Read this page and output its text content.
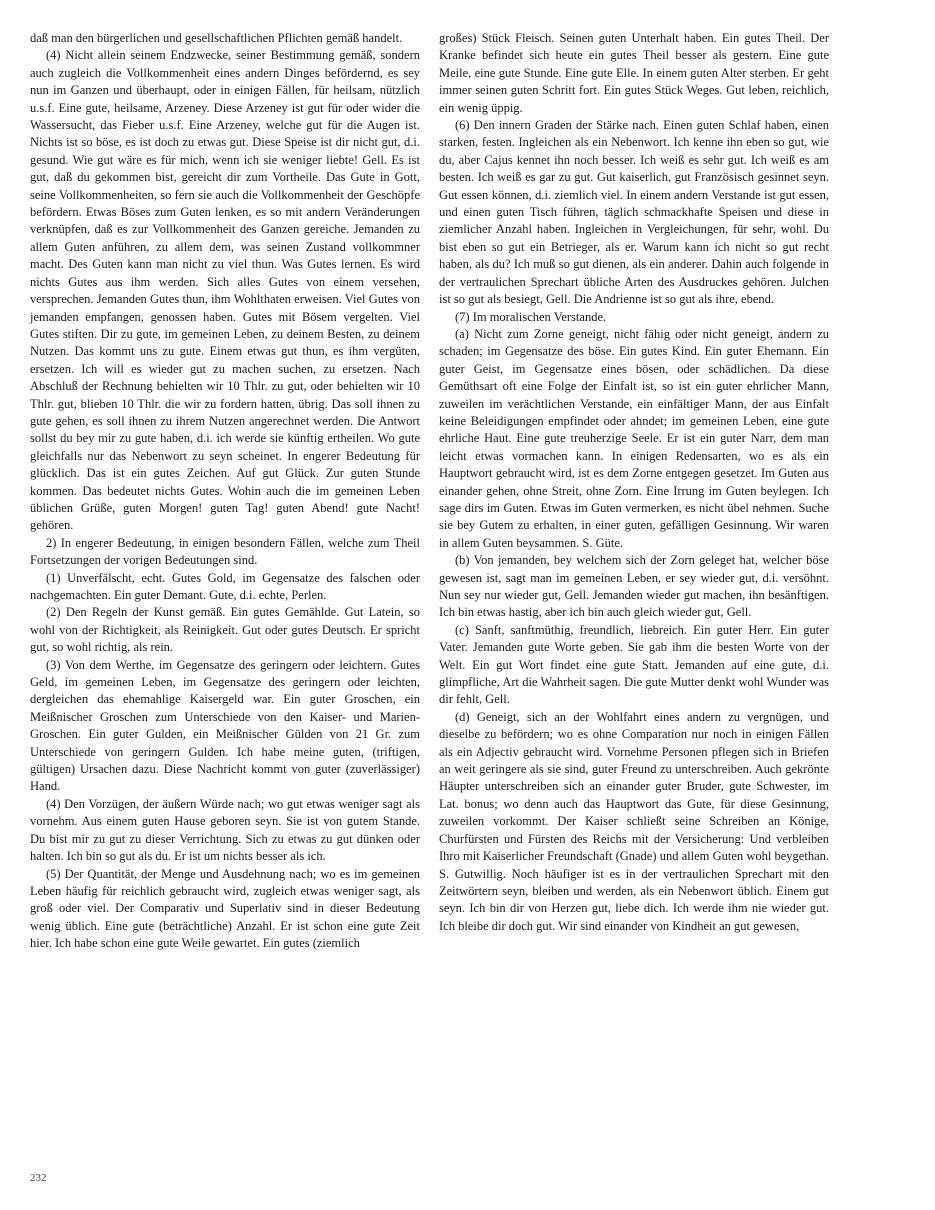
daß man den bürgerlichen und gesellschaftlichen Pflichten gemäß handelt.

(4) Nicht allein seinem Endzwecke, seiner Bestimmung gemäß, sondern auch zugleich die Vollkommenheit eines andern Dinges befördernd, es sey nun im Ganzen und überhaupt, oder in einigen Fällen, für heilsam, nützlich u.s.f. Eine gute, heilsame, Arzeney. Diese Arzeney ist gut für oder wider die Wassersucht, das Fieber u.s.f. Eine Arzeney, welche gut für die Augen ist. Nichts ist so böse, es ist doch zu etwas gut. Diese Speise ist dir nicht gut, d.i. gesund. Wie gut wäre es für mich, wenn ich sie weniger liebte! Gell. Es ist gut, daß du gekommen bist, gereicht dir zum Vortheile. Das Gute in Gott, seine Vollkommenheiten, so fern sie auch die Vollkommenheit der Geschöpfe befördern. Etwas Böses zum Guten lenken, es so mit andern Veränderungen verknüpfen, daß es zur Vollkommenheit des Ganzen gereiche. Jemanden zu allem Guten anführen, zu allem dem, was seinen Zustand vollkommner macht. Des Guten kann man nicht zu viel thun. Was Gutes lernen. Es wird nichts Gutes aus ihm werden. Sich alles Gutes von einem versehen, versprechen. Jemanden Gutes thun, ihm Wohlthaten erweisen. Viel Gutes von jemanden empfangen, genossen haben. Gutes mit Bösem vergelten. Viel Gutes stiften. Dir zu gute, im gemeinen Leben, zu deinem Besten, zu deinem Nutzen. Das kommt uns zu gute. Einem etwas gut thun, es ihm vergüten, ersetzen. Ich will es wieder gut zu machen suchen, zu ersetzen. Nach Abschluß der Rechnung behielten wir 10 Thlr. zu gut, oder behielten wir 10 Thlr. gut, blieben 10 Thlr. die wir zu fordern hatten, übrig. Das soll ihnen zu gute gehen, es soll ihnen zu ihrem Nutzen angerechnet werden. Die Antwort sollst du bey mir zu gute haben, d.i. ich werde sie künftig ertheilen. Wo gute gleichfalls nur das Nebenwort zu seyn scheinet. In engerer Bedeutung für glücklich. Das ist ein gutes Zeichen. Auf gut Glück. Zur guten Stunde kommen. Das bedeutet nichts Gutes. Wohin auch die im gemeinen Leben üblichen Grüße, guten Morgen! guten Tag! guten Abend! gute Nacht! gehören.

2) In engerer Bedeutung, in einigen besondern Fällen, welche zum Theil Fortsetzungen der vorigen Bedeutungen sind.

(1) Unverfälscht, echt. Gutes Gold, im Gegensatze des falschen oder nachgemachten. Ein guter Demant. Gute, d.i. echte, Perlen.

(2) Den Regeln der Kunst gemäß. Ein gutes Gemählde. Gut Latein, so wohl von der Richtigkeit, als Reinigkeit. Gut oder gutes Deutsch. Er spricht gut, so wohl richtig, als rein.

(3) Von dem Werthe, im Gegensatze des geringern oder leichtern. Gutes Geld, im gemeinen Leben, im Gegensatze des geringern oder leichten, dergleichen das ehemahlige Kaisergeld war. Ein guter Groschen, ein Meißnischer Groschen zum Unterschiede von den Kaiser- und Marien-Groschen. Ein guter Gulden, ein Meißnischer Gülden von 21 Gr. zum Unterschiede von geringern Gulden. Ich habe meine guten, (triftigen, gültigen) Ursachen dazu. Diese Nachricht kommt von guter (zuverlässiger) Hand.

(4) Den Vorzügen, der äußern Würde nach; wo gut etwas weniger sagt als vornehm. Aus einem guten Hause geboren seyn. Sie ist von gutem Stande. Du bist mir zu gut zu dieser Verrichtung. Sich zu etwas zu gut dünken oder halten. Ich bin so gut als du. Er ist um nichts besser als ich.

(5) Der Quantität, der Menge und Ausdehnung nach; wo es im gemeinen Leben häufig für reichlich gebraucht wird, zugleich etwas weniger sagt, als groß oder viel. Der Comparativ und Superlativ sind in dieser Bedeutung wenig üblich. Eine gute (beträchtliche) Anzahl. Er ist schon eine gute Zeit hier. Ich habe schon eine gute Weile gewartet. Ein gutes (ziemlich

großes) Stück Fleisch. Seinen guten Unterhalt haben. Ein gutes Theil. Der Kranke befindet sich heute ein gutes Theil besser als gestern. Eine gute Meile, eine gute Stunde. Eine gute Elle. In einem guten Alter sterben. Er geht immer seinen guten Schritt fort. Ein gutes Stück Weges. Gut leben, reichlich, ein wenig üppig.

(6) Den innern Graden der Stärke nach. Einen guten Schlaf haben, einen starken, festen. Ingleichen als ein Nebenwort. Ich kenne ihn eben so gut, wie du, aber Cajus kennet ihn noch besser. Ich weiß es sehr gut. Ich weiß es am besten. Ich weiß es gar zu gut. Gut kaiserlich, gut Französisch gesinnet seyn. Gut essen können, d.i. ziemlich viel. In einem andern Verstande ist gut essen, und einen guten Tisch führen, täglich schmackhafte Speisen und diese in ziemlicher Anzahl haben. Ingleichen in Vergleichungen, für sehr, wohl. Du bist eben so gut ein Betrieger, als er. Warum kann ich nicht so gut recht haben, als du? Ich muß so gut dienen, als ein anderer. Dahin auch folgende in der vertraulichen Sprechart übliche Arten des Ausdruckes gehören. Julchen ist so gut als besiegt, Gell. Die Andrienne ist so gut als ihre, ebend.

(7) Im moralischen Verstande.

(a) Nicht zum Zorne geneigt, nicht fähig oder nicht geneigt, andern zu schaden; im Gegensatze des böse. Ein gutes Kind. Ein guter Ehemann. Ein guter Geist, im Gegensatze eines bösen, oder schädlichen. Da diese Gemüthsart oft eine Folge der Einfalt ist, so ist ein guter ehrlicher Mann, zuweilen im verächtlichen Verstande, ein einfältiger Mann, der aus Einfalt keine Beleidigungen empfindet oder ahndet; im gemeinen Leben, eine gute ehrliche Haut. Eine gute treuherzige Seele. Er ist ein guter Narr, dem man leicht etwas vormachen kann. In einigen Redensarten, wo es als ein Hauptwort gebraucht wird, ist es dem Zorne entgegen gesetzet. Im Guten aus einander gehen, ohne Streit, ohne Zorn. Eine Irrung im Guten beylegen. Ich sage dirs im Guten. Etwas im Guten vermerken, es nicht übel nehmen. Suche sie bey Gutem zu erhalten, in einer guten, gefälligen Gesinnung. Wir waren in allem Guten beysammen. S. Güte.

(b) Von jemanden, bey welchem sich der Zorn geleget hat, welcher böse gewesen ist, sagt man im gemeinen Leben, er sey wieder gut, d.i. versöhnt. Nun sey nur wieder gut, Gell. Jemanden wieder gut machen, ihn besänftigen. Ich bin etwas hastig, aber ich bin auch gleich wieder gut, Gell.

(c) Sanft, sanftmüthig, freundlich, liebreich. Ein guter Herr. Ein guter Vater. Jemanden gute Worte geben. Sie gab ihm die besten Worte von der Welt. Ein gut Wort findet eine gute Statt. Jemanden auf eine gute, d.i. glimpfliche, Art die Wahrheit sagen. Die gute Mutter denkt wohl Wunder was dir fehlt, Gell.

(d) Geneigt, sich an der Wohlfahrt eines andern zu vergnügen, und dieselbe zu befördern; wo es ohne Comparation nur noch in einigen Fällen als ein Adjectiv gebraucht wird. Vornehme Personen pflegen sich in Briefen an weit geringere als sie sind, guter Freund zu unterschreiben. Auch gekrönte Häupter unterschreiben sich an einander guter Bruder, gute Schwester, im Lat. bonus; wo denn auch das Hauptwort das Gute, für diese Gesinnung, zuweilen vorkommt. Der Kaiser schließt seine Schreiben an Könige, Churfürsten und Fürsten des Reichs mit der Versicherung: Und verbleiben Ihro mit Kaiserlicher Freundschaft (Gnade) und allem Guten wohl beygethan. S. Gutwillig. Noch häufiger ist es in der vertraulichen Sprechart mit den Zeitwörtern seyn, bleiben und werden, als ein Nebenwort üblich. Einem gut seyn. Ich bin dir von Herzen gut, liebe dich. Ich werde ihm nie wieder gut. Ich bleibe dir doch gut. Wir sind einander von Kindheit an gut gewesen,

232
